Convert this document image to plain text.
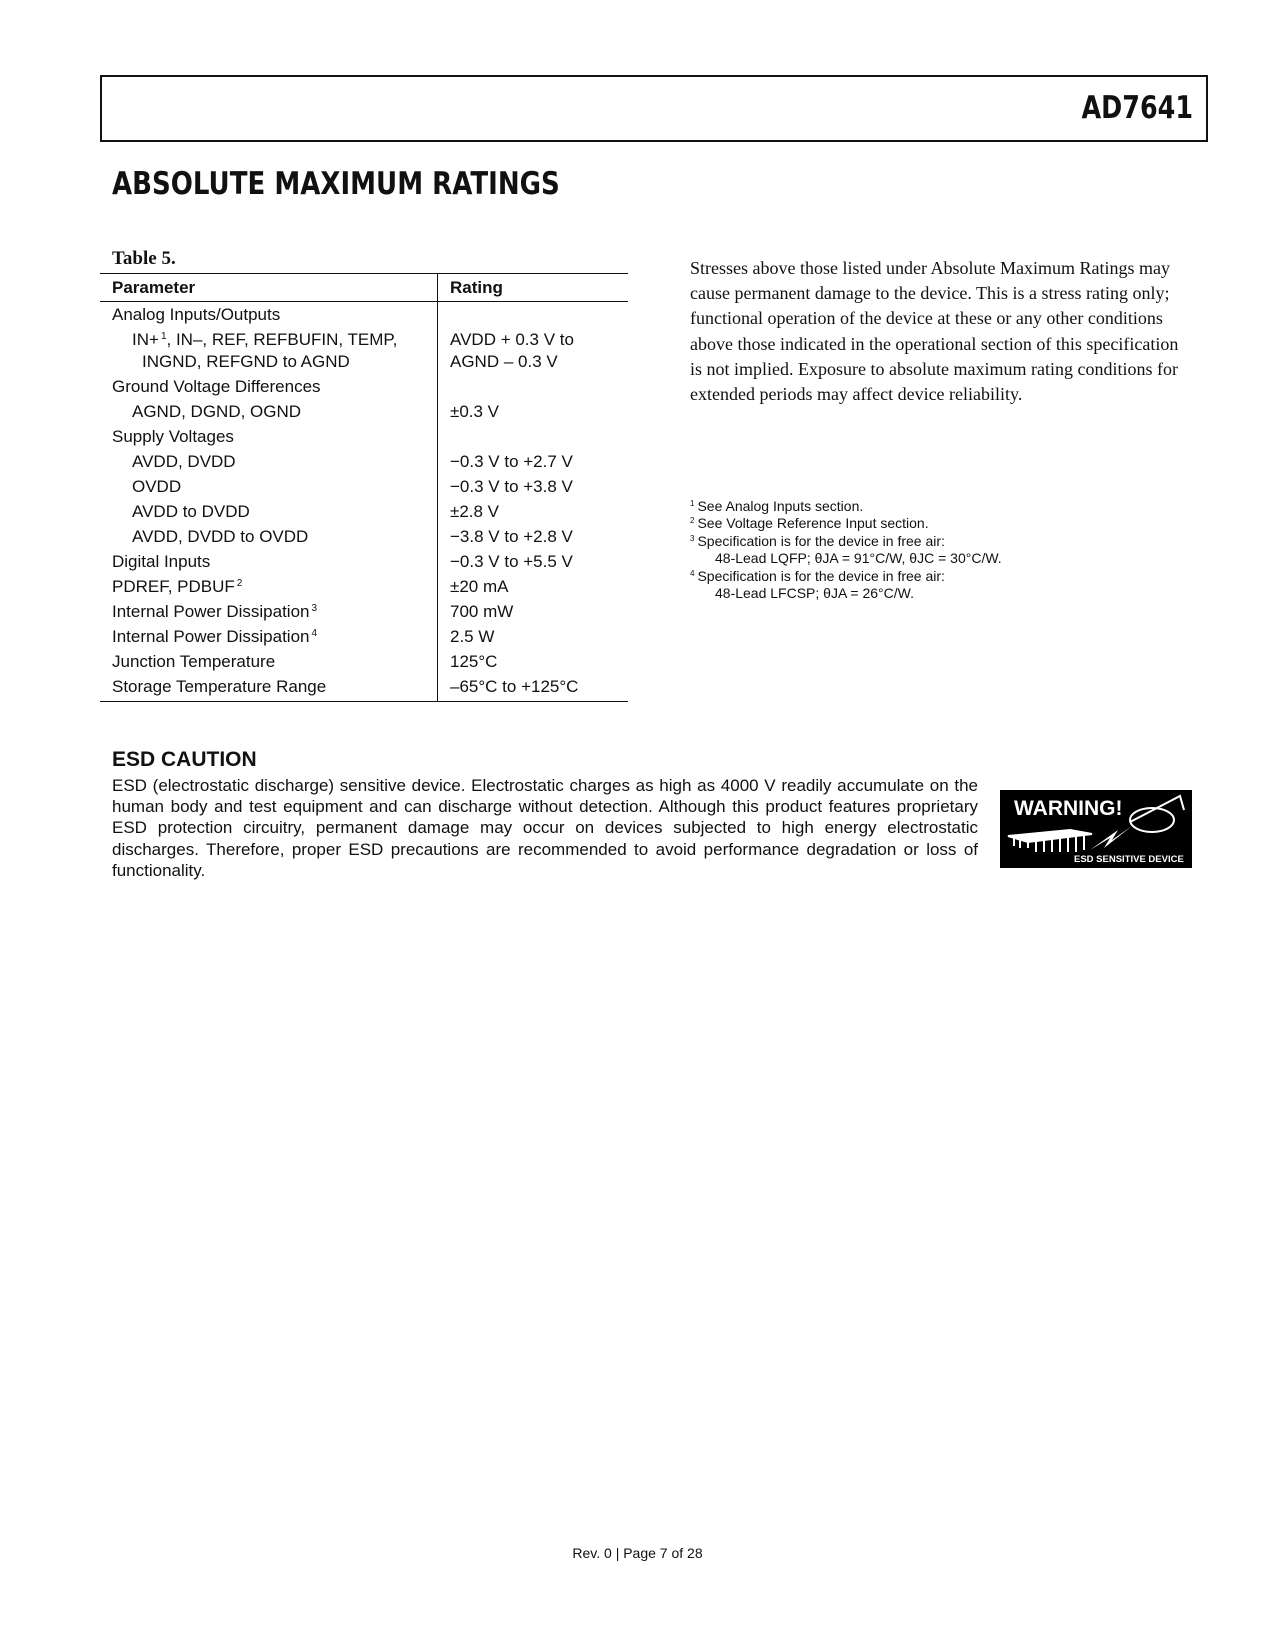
AD7641
ABSOLUTE MAXIMUM RATINGS
Table 5.
Parameter	Rating
Analog Inputs/Outputs	
IN+ $^1$, IN–, REF, REFBUFIN, TEMP,
INGND, REFGND to AGND	AVDD + 0.3 V to
AGND – 0.3 V

Ground Voltage Differences	
AGND, DGND, OGND	±0.3 V
Supply Voltages	
AVDD, DVDD	−0.3 V to +2.7 V
OVDD	−0.3 V to +3.8 V
AVDD to DVDD	±2.8 V
AVDD, DVDD to OVDD	−3.8 V to +2.8 V
Digital Inputs	−0.3 V to +5.5 V
PDREF, PDBUF $^2$	±20 mA
Internal Power Dissipation $^3$	700 mW
Internal Power Dissipation $^4$	2.5 W
Junction Temperature	125°C
Storage Temperature Range	–65°C to +125°C
Stresses above those listed under Absolute Maximum Ratings may cause permanent damage to the device. This is a stress rating only; functional operation of the device at these or any other conditions above those indicated in the operational section of this specification is not implied. Exposure to absolute maximum rating conditions for extended periods may affect device reliability.
$^1$ See Analog Inputs section.
$^2$ See Voltage Reference Input section.
$^3$ Specification is for the device in free air:
48-Lead LQFP; θJA = 91°C/W, θJC = 30°C/W.
$^4$ Specification is for the device in free air:
48-Lead LFCSP; θJA = 26°C/W.
ESD CAUTION
ESD (electrostatic discharge) sensitive device. Electrostatic charges as high as 4000 V readily accumulate on the human body and test equipment and can discharge without detection. Although this product features proprietary ESD protection circuitry, permanent damage may occur on devices subjected to high energy electrostatic discharges. Therefore, proper ESD precautions are recommended to avoid performance degradation or loss of functionality.
WARNING!
ESD SENSITIVE DEVICE
Rev. 0 | Page 7 of 28
